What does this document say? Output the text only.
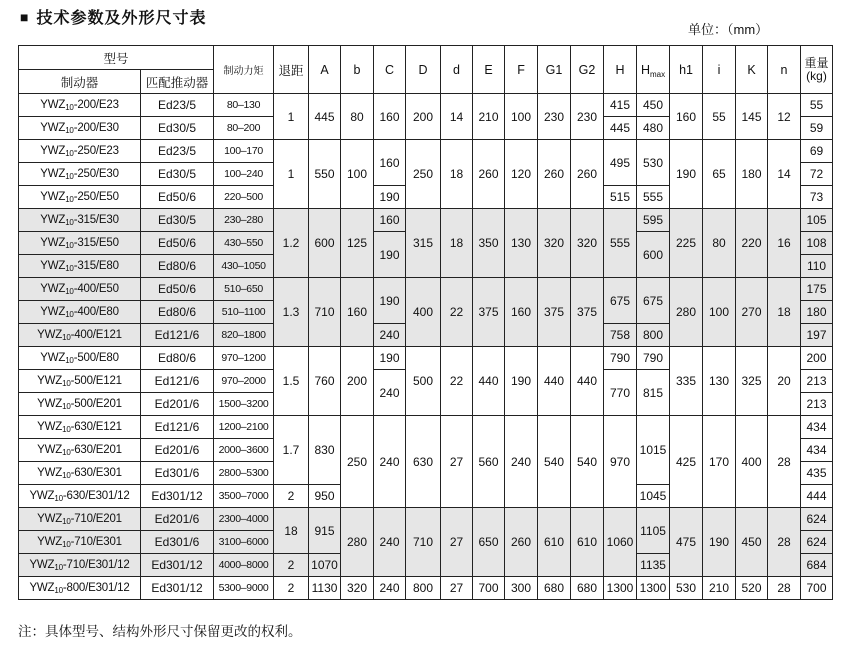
■ 技术参数及外形尺寸表
单位：（mm）
型号		制动力矩	退距	A	b	C	D	d	E	F	G1	G2	H	$H_{max}$	h1	i	K	n	重量
(kg)

制动器	匹配推动器																		
$YWZ_{10}-200/E23$	Ed23/5	80–130	1	445	80	160	200	14	210	100	230	230	415	450	160	55	145	12	55
$YWZ_{10}-200/E30$	Ed30/5	80–200											445	480					59
$YWZ_{10}-250/E23$	Ed23/5	100–170	1	550	100	160	250	18	260	120	260	260	495	530	190	65	180	14	69
$YWZ_{10}-250/E30$	Ed30/5	100–240																	72
$YWZ_{10}-250/E50$	Ed50/6	220–500				190							515	555					73
$YWZ_{10}-315/E30$	Ed30/5	230–280	1.2	600	125	160	315	18	350	130	320	320	555	595	225	80	220	16	105
$YWZ_{10}-315/E50$	Ed50/6	430–550				190								600					108
$YWZ_{10}-315/E80$	Ed80/6	430–1050																	110
$YWZ_{10}-400/E50$	Ed50/6	510–650	1.3	710	160	190	400	22	375	160	375	375	675	675	280	100	270	18	175
$YWZ_{10}-400/E80$	Ed80/6	510–1100																	180
$YWZ_{10}-400/E121$	Ed121/6	820–1800				240							758	800					197
$YWZ_{10}-500/E80$	Ed80/6	970–1200	1.5	760	200	190	500	22	440	190	440	440	790	790	335	130	325	20	200
$YWZ_{10}-500/E121$	Ed121/6	970–2000				240							770	815					213
$YWZ_{10}-500/E201$	Ed201/6	1500–3200																	213
$YWZ_{10}-630/E121$	Ed121/6	1200–2100	1.7	830	250	240	630	27	560	240	540	540	970	1015	425	170	400	28	434
$YWZ_{10}-630/E201$	Ed201/6	2000–3600																	434
$YWZ_{10}-630/E301$	Ed301/6	2800–5300																	435
$YWZ_{10}-630/E301/12$	Ed301/12	3500–7000	2	950										1045					444
$YWZ_{10}-710/E201$	Ed201/6	2300–4000	18	915	280	240	710	27	650	260	610	610	1060	1105	475	190	450	28	624
$YWZ_{10}-710/E301$	Ed301/6	3100–6000																	624
$YWZ_{10}-710/E301/12$	Ed301/12	4000–8000	2	1070										1135					684
$YWZ_{10}-800/E301/12$	Ed301/12	5300–9000	2	1130	320	240	800	27	700	300	680	680	1300	1300	530	210	520	28	700
注：具体型号、结构外形尺寸保留更改的权利。
